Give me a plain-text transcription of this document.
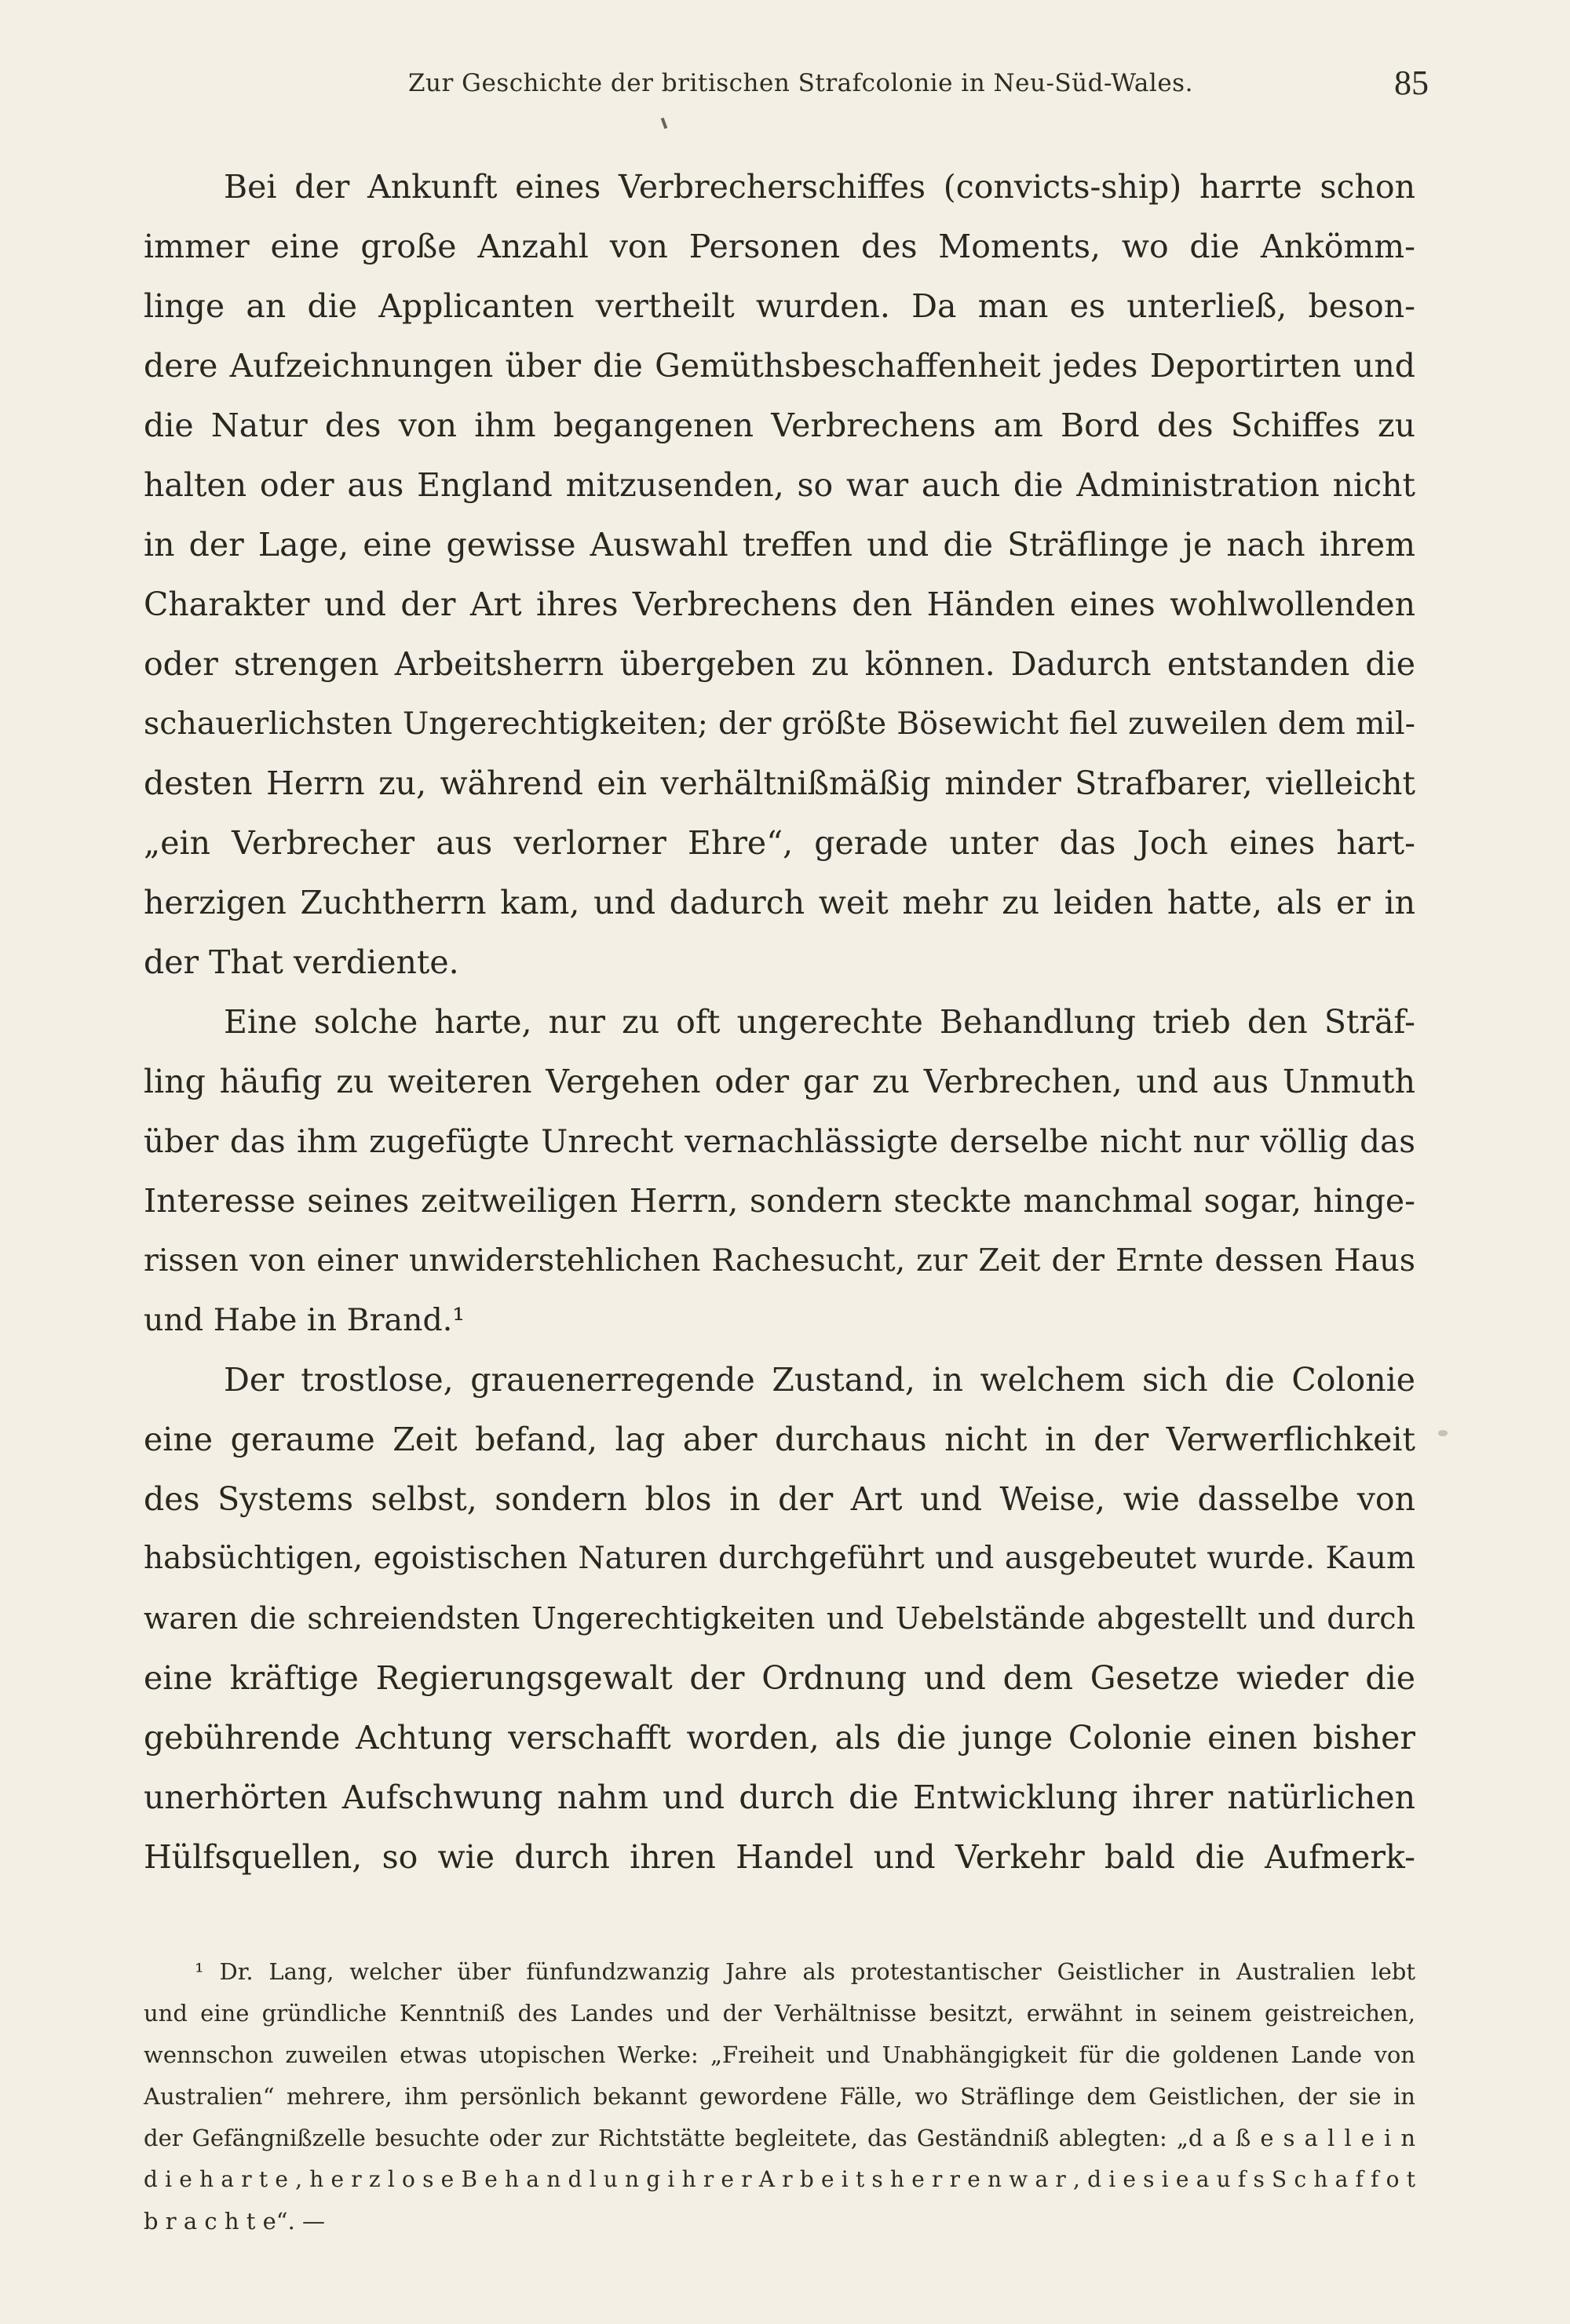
Zur Geschichte der britischen Strafcolonie in Neu-Süd-Wales.	85
Bei der Ankunft eines Verbrecherschiffes (convicts-ship) harrte schon
immer eine große Anzahl von Personen des Moments, wo die Ankömm-
linge an die Applicanten vertheilt wurden. Da man es unterließ, beson-
dere Aufzeichnungen über die Gemüthsbeschaffenheit jedes Deportirten und
die Natur des von ihm begangenen Verbrechens am Bord des Schiffes zu
halten oder aus England mitzusenden, so war auch die Administration nicht
in der Lage, eine gewisse Auswahl treffen und die Sträflinge je nach ihrem
Charakter und der Art ihres Verbrechens den Händen eines wohlwollenden
oder strengen Arbeitsherrn übergeben zu können. Dadurch entstanden die
schauerlichsten Ungerechtigkeiten; der größte Bösewicht fiel zuweilen dem mil-
desten Herrn zu, während ein verhältnißmäßig minder Strafbarer, vielleicht
„ein Verbrecher aus verlorner Ehre“, gerade unter das Joch eines hart-
herzigen Zuchtherrn kam, und dadurch weit mehr zu leiden hatte, als er in
der That verdiente.
Eine solche harte, nur zu oft ungerechte Behandlung trieb den Sträf-
ling häufig zu weiteren Vergehen oder gar zu Verbrechen, und aus Unmuth
über das ihm zugefügte Unrecht vernachlässigte derselbe nicht nur völlig das
Interesse seines zeitweiligen Herrn, sondern steckte manchmal sogar, hinge-
rissen von einer unwiderstehlichen Rachesucht, zur Zeit der Ernte dessen Haus
und Habe in Brand.¹
Der trostlose, grauenerregende Zustand, in welchem sich die Colonie
eine geraume Zeit befand, lag aber durchaus nicht in der Verwerflichkeit
des Systems selbst, sondern blos in der Art und Weise, wie dasselbe von
habsüchtigen, egoistischen Naturen durchgeführt und ausgebeutet wurde. Kaum
waren die schreiendsten Ungerechtigkeiten und Uebelstände abgestellt und durch
eine kräftige Regierungsgewalt der Ordnung und dem Gesetze wieder die
gebührende Achtung verschafft worden, als die junge Colonie einen bisher
unerhörten Aufschwung nahm und durch die Entwicklung ihrer natürlichen
Hülfsquellen, so wie durch ihren Handel und Verkehr bald die Aufmerk-
¹ Dr. Lang, welcher über fünfundzwanzig Jahre als protestantischer Geistlicher in Australien lebt
und eine gründliche Kenntniß des Landes und der Verhältnisse besitzt, erwähnt in seinem geistreichen,
wennschon zuweilen etwas utopischen Werke: „Freiheit und Unabhängigkeit für die goldenen Lande von
Australien“ mehrere, ihm persönlich bekannt gewordene Fälle, wo Sträflinge dem Geistlichen, der sie in
der Gefängnißzelle besuchte oder zur Richtstätte begleitete, das Geständniß ablegten: „d a ß e s a l l e i n
d i e h a r t e , h e r z l o s e B e h a n d l u n g i h r e r A r b e i t s h e r r e n w a r , d i e s i e a u f s S c h a f f o t
b r a c h t e“. —
